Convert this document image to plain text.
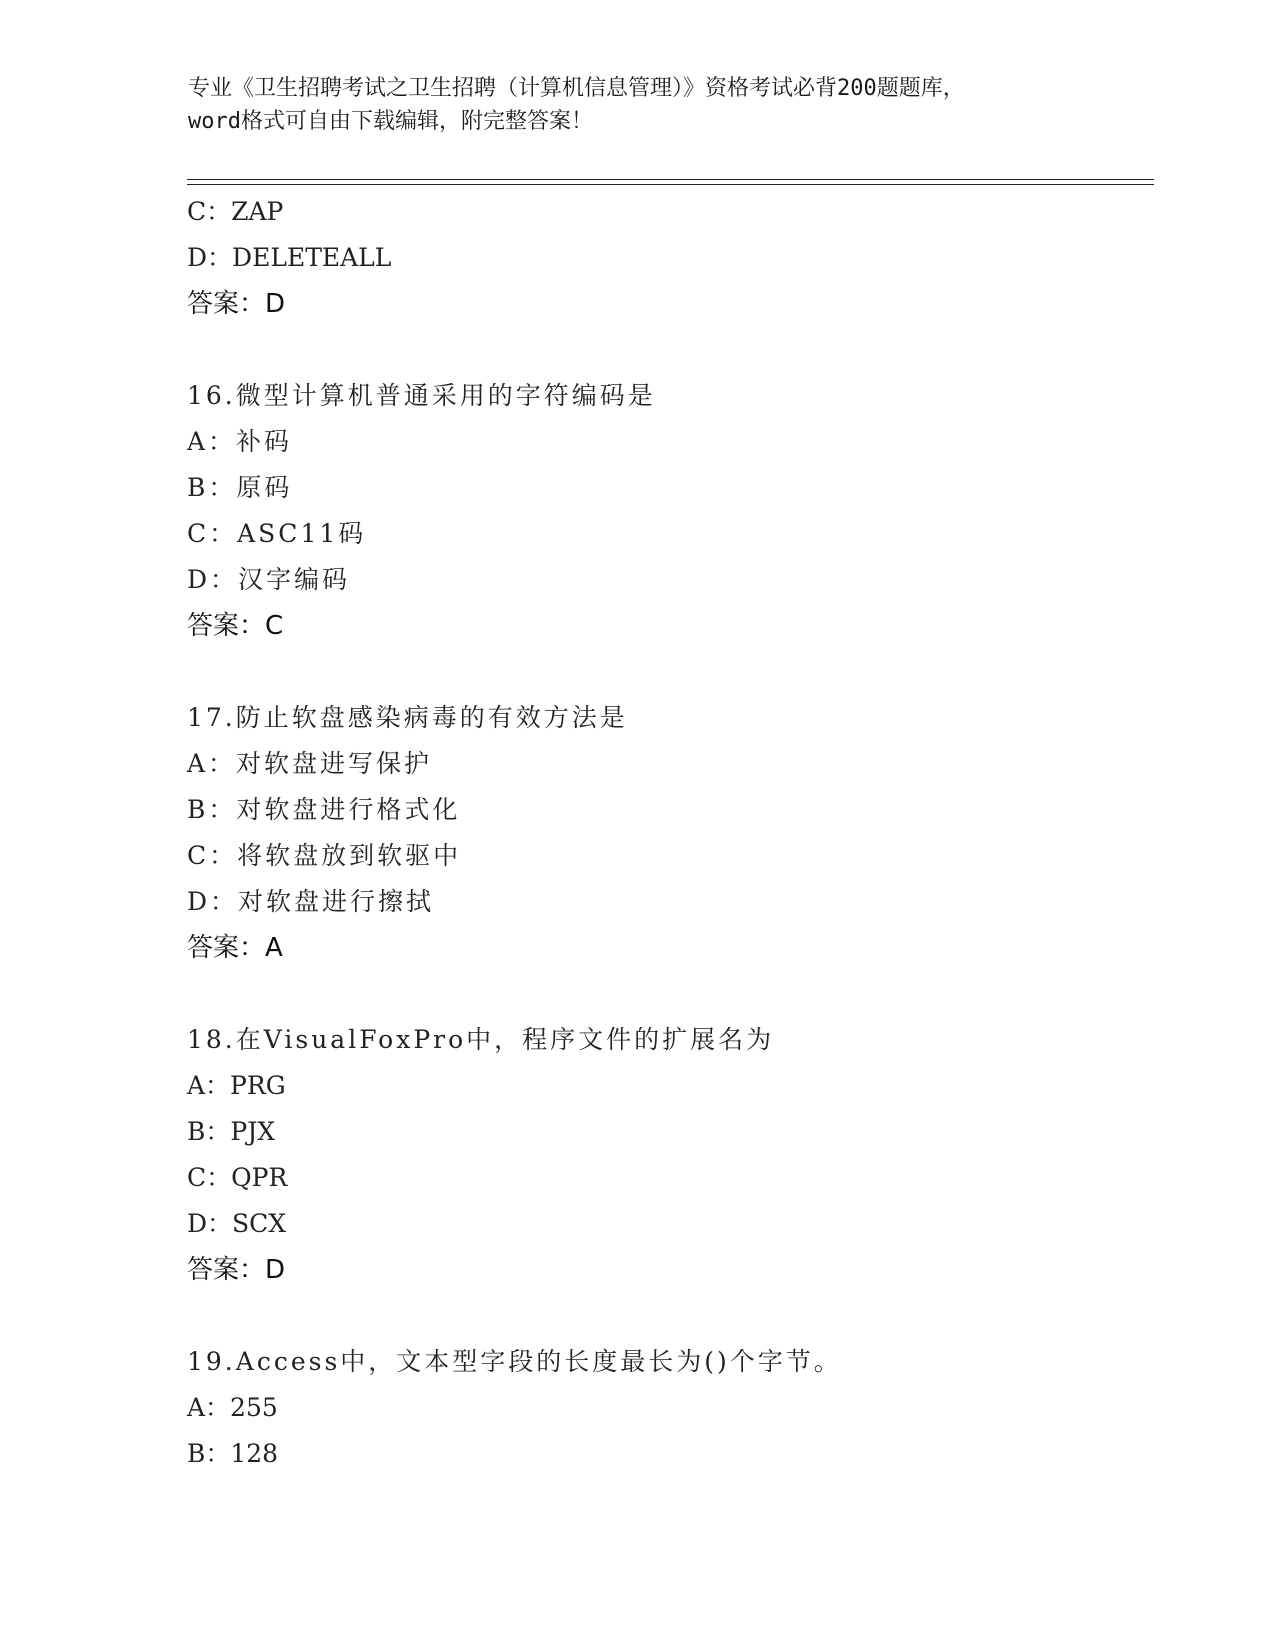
专业《卫生招聘考试之卫生招聘（计算机信息管理）》资格考试必背200题题库，
word格式可自由下载编辑，附完整答案！
C：ZAP
D：DELETEALL
答案：D
16.微型计算机普通采用的字符编码是
A：补码
B：原码
C：ASC11码
D：汉字编码
答案：C
17.防止软盘感染病毒的有效方法是
A：对软盘进写保护
B：对软盘进行格式化
C：将软盘放到软驱中
D：对软盘进行擦拭
答案：A
18.在VisualFoxPro中，程序文件的扩展名为
A：PRG
B：PJX
C：QPR
D：SCX
答案：D
19.Access中，文本型字段的长度最长为()个字节。
A：255
B：128
